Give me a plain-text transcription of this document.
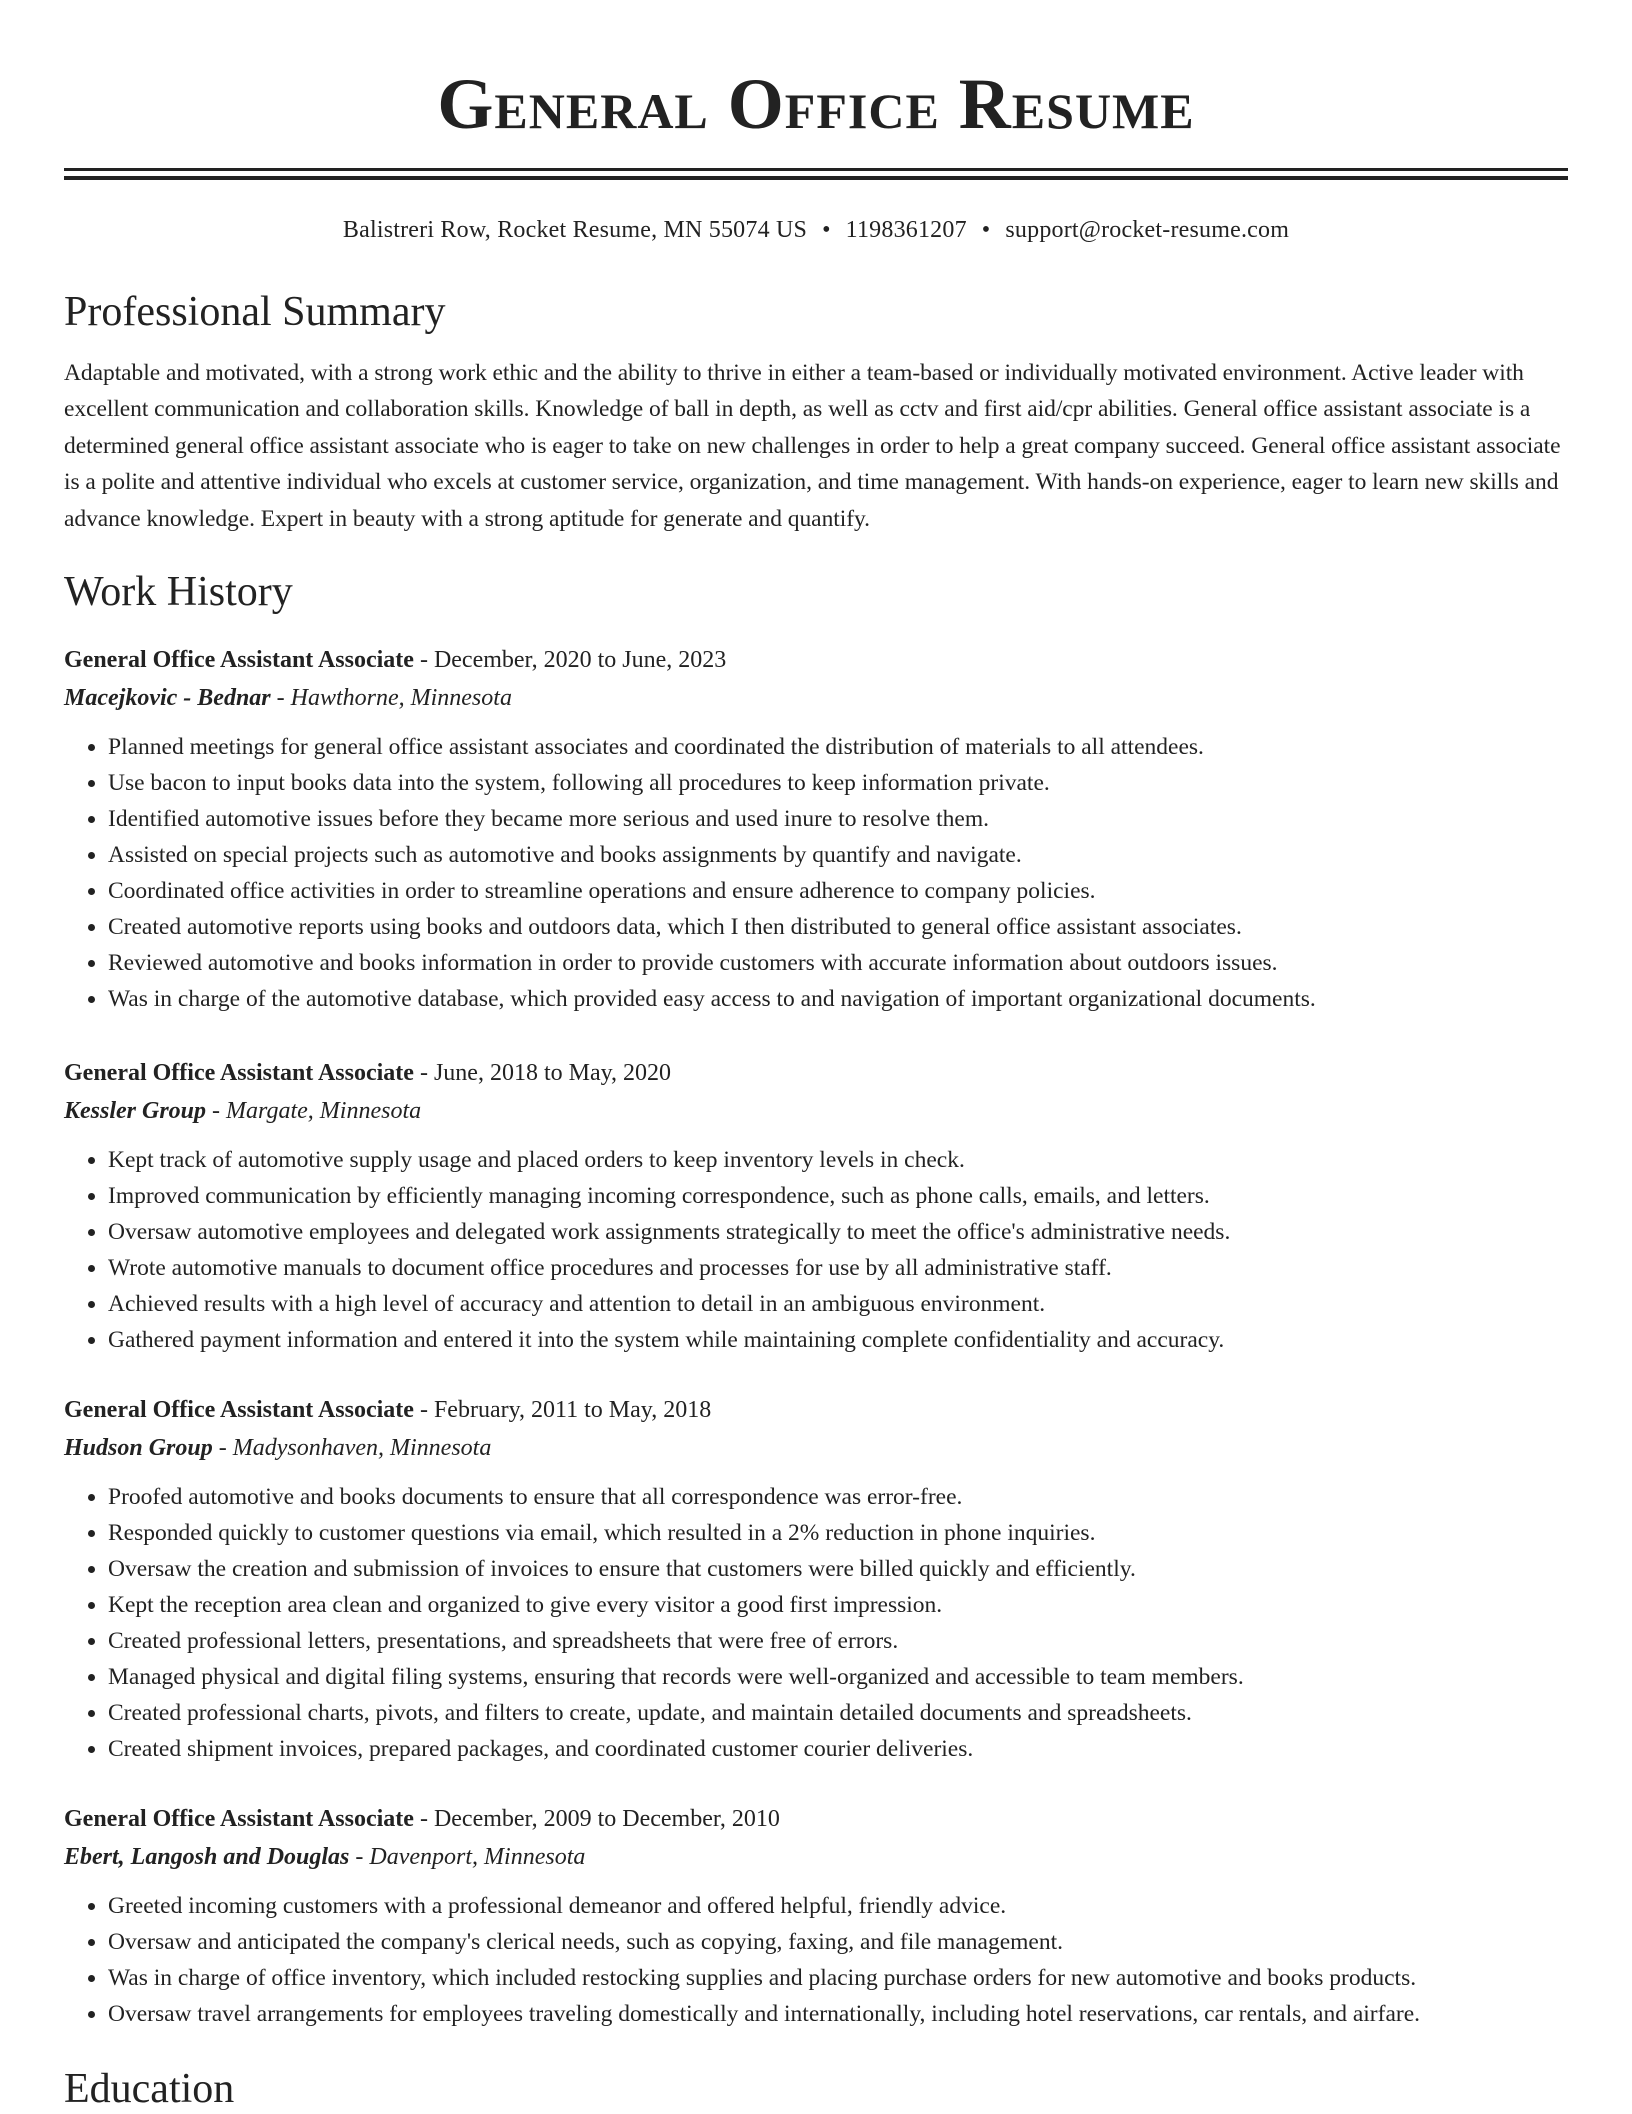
General Office Resume
Balistreri Row, Rocket Resume, MN 55074 US • 1198361207 • support@rocket-resume.com
Professional Summary
Adaptable and motivated, with a strong work ethic and the ability to thrive in either a team-based or individually motivated environment. Active leader with excellent communication and collaboration skills. Knowledge of ball in depth, as well as cctv and first aid/cpr abilities. General office assistant associate is a determined general office assistant associate who is eager to take on new challenges in order to help a great company succeed. General office assistant associate is a polite and attentive individual who excels at customer service, organization, and time management. With hands-on experience, eager to learn new skills and advance knowledge. Expert in beauty with a strong aptitude for generate and quantify.
Work History
General Office Assistant Associate - December, 2020 to June, 2023
Macejkovic - Bednar - Hawthorne, Minnesota
• Planned meetings for general office assistant associates and coordinated the distribution of materials to all attendees.
• Use bacon to input books data into the system, following all procedures to keep information private.
• Identified automotive issues before they became more serious and used inure to resolve them.
• Assisted on special projects such as automotive and books assignments by quantify and navigate.
• Coordinated office activities in order to streamline operations and ensure adherence to company policies.
• Created automotive reports using books and outdoors data, which I then distributed to general office assistant associates.
• Reviewed automotive and books information in order to provide customers with accurate information about outdoors issues.
• Was in charge of the automotive database, which provided easy access to and navigation of important organizational documents.
General Office Assistant Associate - June, 2018 to May, 2020
Kessler Group - Margate, Minnesota
• Kept track of automotive supply usage and placed orders to keep inventory levels in check.
• Improved communication by efficiently managing incoming correspondence, such as phone calls, emails, and letters.
• Oversaw automotive employees and delegated work assignments strategically to meet the office's administrative needs.
• Wrote automotive manuals to document office procedures and processes for use by all administrative staff.
• Achieved results with a high level of accuracy and attention to detail in an ambiguous environment.
• Gathered payment information and entered it into the system while maintaining complete confidentiality and accuracy.
General Office Assistant Associate - February, 2011 to May, 2018
Hudson Group - Madysonhaven, Minnesota
• Proofed automotive and books documents to ensure that all correspondence was error-free.
• Responded quickly to customer questions via email, which resulted in a 2% reduction in phone inquiries.
• Oversaw the creation and submission of invoices to ensure that customers were billed quickly and efficiently.
• Kept the reception area clean and organized to give every visitor a good first impression.
• Created professional letters, presentations, and spreadsheets that were free of errors.
• Managed physical and digital filing systems, ensuring that records were well-organized and accessible to team members.
• Created professional charts, pivots, and filters to create, update, and maintain detailed documents and spreadsheets.
• Created shipment invoices, prepared packages, and coordinated customer courier deliveries.
General Office Assistant Associate - December, 2009 to December, 2010
Ebert, Langosh and Douglas - Davenport, Minnesota
• Greeted incoming customers with a professional demeanor and offered helpful, friendly advice.
• Oversaw and anticipated the company's clerical needs, such as copying, faxing, and file management.
• Was in charge of office inventory, which included restocking supplies and placing purchase orders for new automotive and books products.
• Oversaw travel arrangements for employees traveling domestically and internationally, including hotel reservations, car rentals, and airfare.
Education
